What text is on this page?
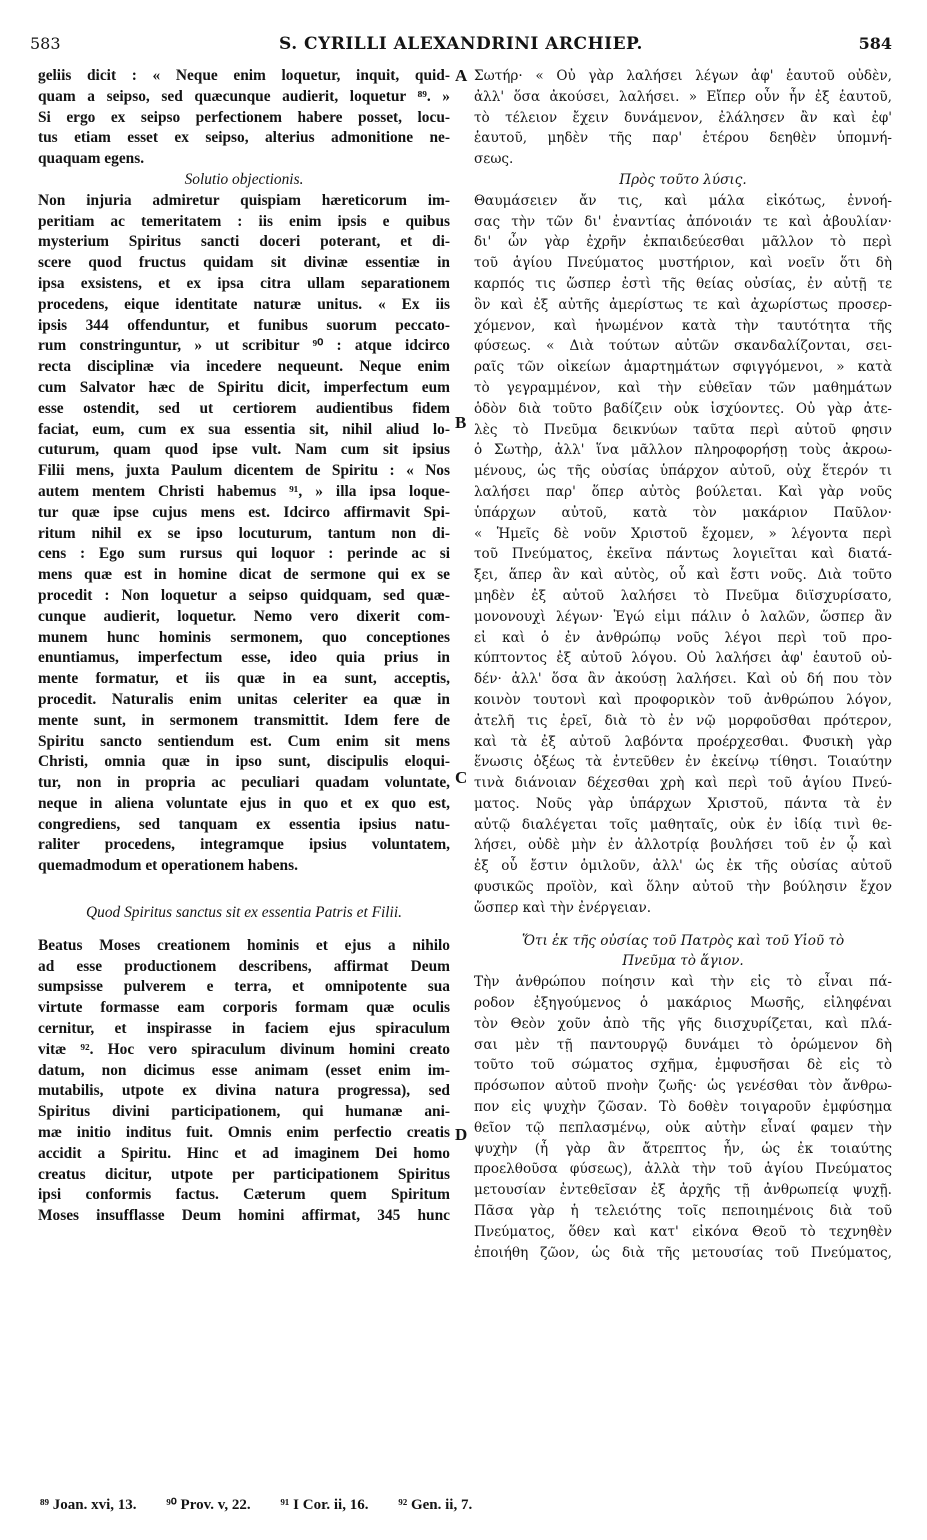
583	S. CYRILLI ALEXANDRINI ARCHIEP.	584
geliis dicit : « Neque enim loquetur, inquit, quid-
quam a seipso, sed quæcunque audierit, loquetur ⁸⁹. »
Si ergo ex seipso perfectionem habere posset, locu-
tus etiam esset ex seipso, alterius admonitione ne-
quaquam egens.
Solutio objectionis.
Non injuria admiretur quispiam hæreticorum im-
peritiam ac temeritatem : iis enim ipsis e quibus
mysterium Spiritus sancti doceri poterant, et di-
scere quod fructus quidam sit divinæ essentiæ in
ipsa exsistens, et ex ipsa citra ullam separationem
procedens, eique identitate naturæ unitus. « Ex iis
ipsis 344 offenduntur, et funibus suorum peccato-
rum constringuntur, » ut scribitur ⁹⁰ : atque idcirco
recta disciplinæ via incedere nequeunt. Neque enim
cum Salvator hæc de Spiritu dicit, imperfectum eum
esse ostendit, sed ut certiorem audientibus fidem
faciat, eum, cum ex sua essentia sit, nihil aliud lo-
cuturum, quam quod ipse vult. Nam cum sit ipsius
Filii mens, juxta Paulum dicentem de Spiritu : « Nos
autem mentem Christi habemus ⁹¹, » illa ipsa loque-
tur quæ ipse cujus mens est. Idcirco affirmavit Spi-
ritum nihil ex se ipso locuturum, tantum non di-
cens : Ego sum rursus qui loquor : perinde ac si
mens quæ est in homine dicat de sermone qui ex se
procedit : Non loquetur a seipso quidquam, sed quæ-
cunque audierit, loquetur. Nemo vero dixerit com-
munem hunc hominis sermonem, quo conceptiones
enuntiamus, imperfectum esse, ideo quia prius in
mente formatur, et iis quæ in ea sunt, acceptis,
procedit. Naturalis enim unitas celeriter ea quæ in
mente sunt, in sermonem transmittit. Idem fere de
Spiritu sancto sentiendum est. Cum enim sit mens
Christi, omnia quæ in ipso sunt, discipulis eloqui-
tur, non in propria ac peculiari quadam voluntate,
neque in aliena voluntate ejus in quo et ex quo est,
congrediens, sed tanquam ex essentia ipsius natu-
raliter procedens, integramque ipsius voluntatem,
quemadmodum et operationem habens.
Quod Spiritus sanctus sit ex essentia Patris et Filii.
Beatus Moses creationem hominis et ejus a nihilo
ad esse productionem describens, affirmat Deum
sumpsisse pulverem e terra, et omnipotente sua
virtute formasse eam corporis formam quæ oculis
cernitur, et inspirasse in faciem ejus spiraculum
vitæ ⁹². Hoc vero spiraculum divinum homini creato
datum, non dicimus esse animam (esset enim im-
mutabilis, utpote ex divina natura progressa), sed
Spiritus divini participationem, qui humanæ ani-
mæ initio inditus fuit. Omnis enim perfectio creatis
accidit a Spiritu. Hinc et ad imaginem Dei homo
creatus dicitur, utpote per participationem Spiritus
ipsi conformis factus. Cæterum quem Spiritum
Moses insufflasse Deum homini affirmat, 345 hunc
Σωτήρ· « Οὐ γὰρ λαλήσει λέγων ἀφ' ἑαυτοῦ οὐδὲν,
ἀλλ' ὅσα ἀκούσει, λαλήσει. » Εἴπερ οὖν ἦν ἐξ ἑαυτοῦ,
τὸ τέλειον ἔχειν δυνάμενον, ἐλάλησεν ἂν καὶ ἐφ'
ἑαυτοῦ, μηδὲν τῆς παρ' ἑτέρου δεηθὲν ὑπομνή-
σεως.
Πρὸς τοῦτο λύσις.
Θαυμάσειεν ἄν τις, καὶ μάλα εἰκότως, ἐννοή-
σας τὴν τῶν δι' ἐναντίας ἀπόνοιάν τε καὶ ἀβουλίαν·
δι' ὧν γὰρ ἐχρῆν ἐκπαιδεύεσθαι μᾶλλον τὸ περὶ
τοῦ ἁγίου Πνεύματος μυστήριον, καὶ νοεῖν ὅτι δὴ
καρπός τις ὥσπερ ἐστὶ τῆς θείας οὐσίας, ἐν αὐτῇ τε
ὂν καὶ ἐξ αὐτῆς ἀμερίστως τε καὶ ἀχωρίστως προσερ-
χόμενον, καὶ ἡνωμένον κατὰ τὴν ταυτότητα τῆς
φύσεως. « Διὰ τούτων αὐτῶν σκανδαλίζονται, σει-
ραῖς τῶν οἰκείων ἁμαρτημάτων σφιγγόμενοι, » κατὰ
τὸ γεγραμμένον, καὶ τὴν εὐθεῖαν τῶν μαθημάτων
ὁδὸν διὰ τοῦτο βαδίζειν οὐκ ἰσχύοντες. Οὐ γὰρ ἀτε-
λὲς τὸ Πνεῦμα δεικνύων ταῦτα περὶ αὐτοῦ φησιν
ὁ Σωτὴρ, ἀλλ' ἵνα μᾶλλον πληροφορήσῃ τοὺς ἀκροω-
μένους, ὡς τῆς οὐσίας ὑπάρχον αὐτοῦ, οὐχ ἕτερόν τι
λαλήσει παρ' ὅπερ αὐτὸς βούλεται. Καὶ γὰρ νοῦς
ὑπάρχων αὐτοῦ, κατὰ τὸν μακάριον Παῦλον·
« Ἡμεῖς δὲ νοῦν Χριστοῦ ἔχομεν, » λέγοντα περὶ
τοῦ Πνεύματος, ἐκεῖνα πάντως λογιεῖται καὶ διατά-
ξει, ἅπερ ἂν καὶ αὐτὸς, οὗ καὶ ἔστι νοῦς. Διὰ τοῦτο
μηδὲν ἐξ αὐτοῦ λαλήσει τὸ Πνεῦμα διϊσχυρίσατο,
μονονουχὶ λέγων· Ἐγώ εἰμι πάλιν ὁ λαλῶν, ὥσπερ ἂν
εἰ καὶ ὁ ἐν ἀνθρώπῳ νοῦς λέγοι περὶ τοῦ προ-
κύπτοντος ἐξ αὐτοῦ λόγου. Οὐ λαλήσει ἀφ' ἑαυτοῦ οὐ-
δέν· ἀλλ' ὅσα ἂν ἀκούσῃ λαλήσει. Καὶ οὐ δή που τὸν
κοινὸν τουτονὶ καὶ προφορικὸν τοῦ ἀνθρώπου λόγον,
ἀτελῆ τις ἐρεῖ, διὰ τὸ ἐν νῷ μορφοῦσθαι πρότερον,
καὶ τὰ ἐξ αὐτοῦ λαβόντα προέρχεσθαι. Φυσικὴ γὰρ
ἕνωσις ὀξέως τὰ ἐντεῦθεν ἐν ἐκείνῳ τίθησι. Τοιαύτην
τινὰ διάνοιαν δέχεσθαι χρὴ καὶ περὶ τοῦ ἁγίου Πνεύ-
ματος. Νοῦς γὰρ ὑπάρχων Χριστοῦ, πάντα τὰ ἐν
αὐτῷ διαλέγεται τοῖς μαθηταῖς, οὐκ ἐν ἰδίᾳ τινὶ θε-
λήσει, οὐδὲ μὴν ἐν ἀλλοτρίᾳ βουλήσει τοῦ ἐν ᾧ καὶ
ἐξ οὗ ἔστιν ὁμιλοῦν, ἀλλ' ὡς ἐκ τῆς οὐσίας αὐτοῦ
φυσικῶς προϊὸν, καὶ ὅλην αὐτοῦ τὴν βούλησιν ἔχον
ὥσπερ καὶ τὴν ἐνέργειαν.
Ὅτι ἐκ τῆς οὐσίας τοῦ Πατρὸς καὶ τοῦ Υἱοῦ τὸ
Πνεῦμα τὸ ἅγιον.
Τὴν ἀνθρώπου ποίησιν καὶ τὴν εἰς τὸ εἶναι πά-
ροδον ἐξηγούμενος ὁ μακάριος Μωσῆς, εἰληφέναι
τὸν Θεὸν χοῦν ἀπὸ τῆς γῆς διισχυρίζεται, καὶ πλά-
σαι μὲν τῇ παντουργῷ δυνάμει τὸ ὁρώμενον δὴ
τοῦτο τοῦ σώματος σχῆμα, ἐμφυσῆσαι δὲ εἰς τὸ
πρόσωπον αὐτοῦ πνοὴν ζωῆς· ὡς γενέσθαι τὸν ἄνθρω-
πον εἰς ψυχὴν ζῶσαν. Τὸ δοθὲν τοιγαροῦν ἐμφύσημα
θεῖον τῷ πεπλασμένῳ, οὐκ αὐτὴν εἶναί φαμεν τὴν
ψυχὴν (ἦ γὰρ ἂν ἄτρεπτος ἦν, ὡς ἐκ τοιαύτης
προελθοῦσα φύσεως), ἀλλὰ τὴν τοῦ ἁγίου Πνεύματος
μετουσίαν ἐντεθεῖσαν ἐξ ἀρχῆς τῇ ἀνθρωπείᾳ ψυχῇ.
Πᾶσα γὰρ ἡ τελειότης τοῖς πεποιημένοις διὰ τοῦ
Πνεύματος, ὅθεν καὶ κατ' εἰκόνα Θεοῦ τὸ τεχνηθὲν
ἐποιήθη ζῶον, ὡς διὰ τῆς μετουσίας τοῦ Πνεύματος,
A
B
C
D
⁸⁹ Joan. xvi, 13. ⁹⁰ Prov. v, 22. ⁹¹ I Cor. ii, 16. ⁹² Gen. ii, 7.
